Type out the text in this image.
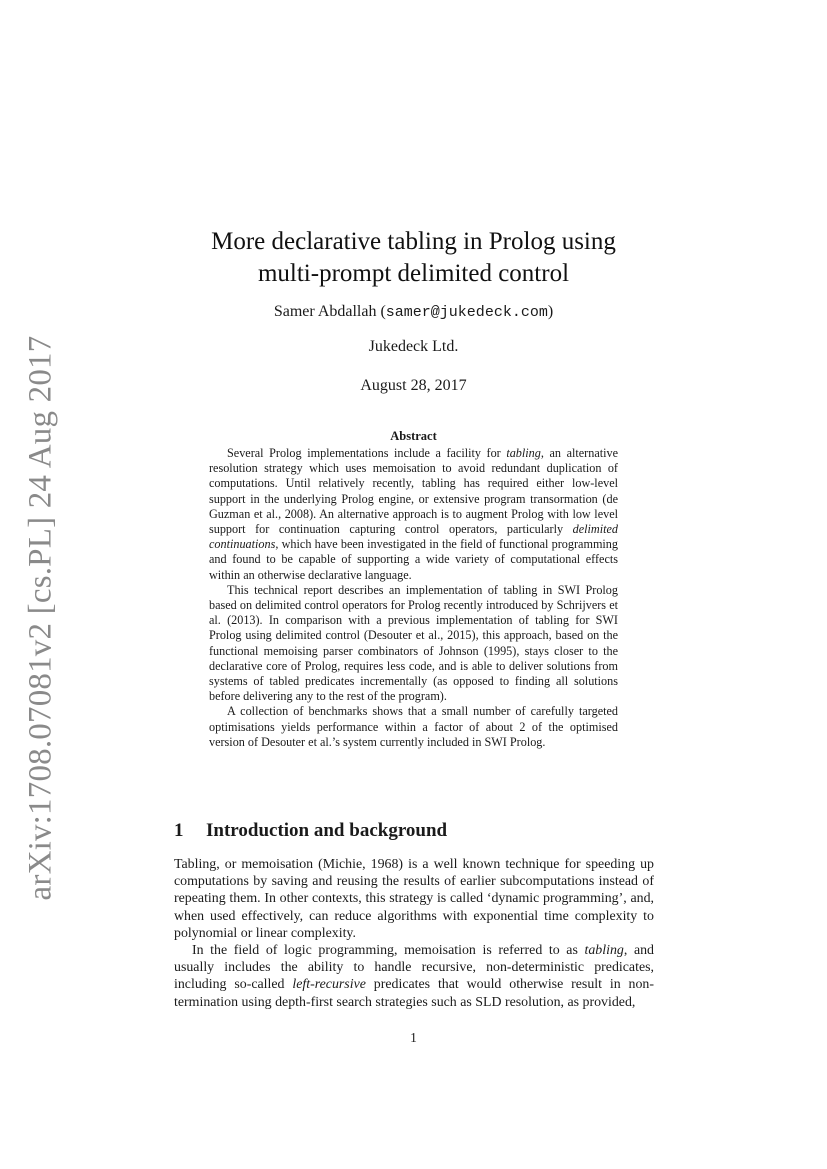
arXiv:1708.07081v2 [cs.PL] 24 Aug 2017
More declarative tabling in Prolog using
multi-prompt delimited control
Samer Abdallah (samer@jukedeck.com)
Jukedeck Ltd.
August 28, 2017
Abstract

Several Prolog implementations include a facility for tabling, an alternative resolution strategy which uses memoisation to avoid redundant duplication of computations. Until relatively recently, tabling has required either low-level support in the underlying Prolog engine, or extensive program transormation (de Guzman et al., 2008). An alternative approach is to augment Prolog with low level support for continuation capturing control operators, particularly delimited continuations, which have been investigated in the field of functional programming and found to be capable of supporting a wide variety of computational effects within an otherwise declarative language.

This technical report describes an implementation of tabling in SWI Prolog based on delimited control operators for Prolog recently introduced by Schrijvers et al. (2013). In comparison with a previous implementation of tabling for SWI Prolog using delimited control (Desouter et al., 2015), this approach, based on the functional memoising parser combinators of Johnson (1995), stays closer to the declarative core of Prolog, requires less code, and is able to deliver solutions from systems of tabled predicates incrementally (as opposed to finding all solutions before delivering any to the rest of the program).

A collection of benchmarks shows that a small number of carefully targeted optimisations yields performance within a factor of about 2 of the optimised version of Desouter et al.’s system currently included in SWI Prolog.

1 Introduction and background

Tabling, or memoisation (Michie, 1968) is a well known technique for speeding up computations by saving and reusing the results of earlier subcomputations instead of repeating them. In other contexts, this strategy is called ‘dynamic programming’, and, when used effectively, can reduce algorithms with exponential time complexity to polynomial or linear complexity.

In the field of logic programming, memoisation is referred to as tabling, and usually includes the ability to handle recursive, non-deterministic predicates, including so-called left-recursive predicates that would otherwise result in non-termination using depth-first search strategies such as SLD resolution, as provided,

1
